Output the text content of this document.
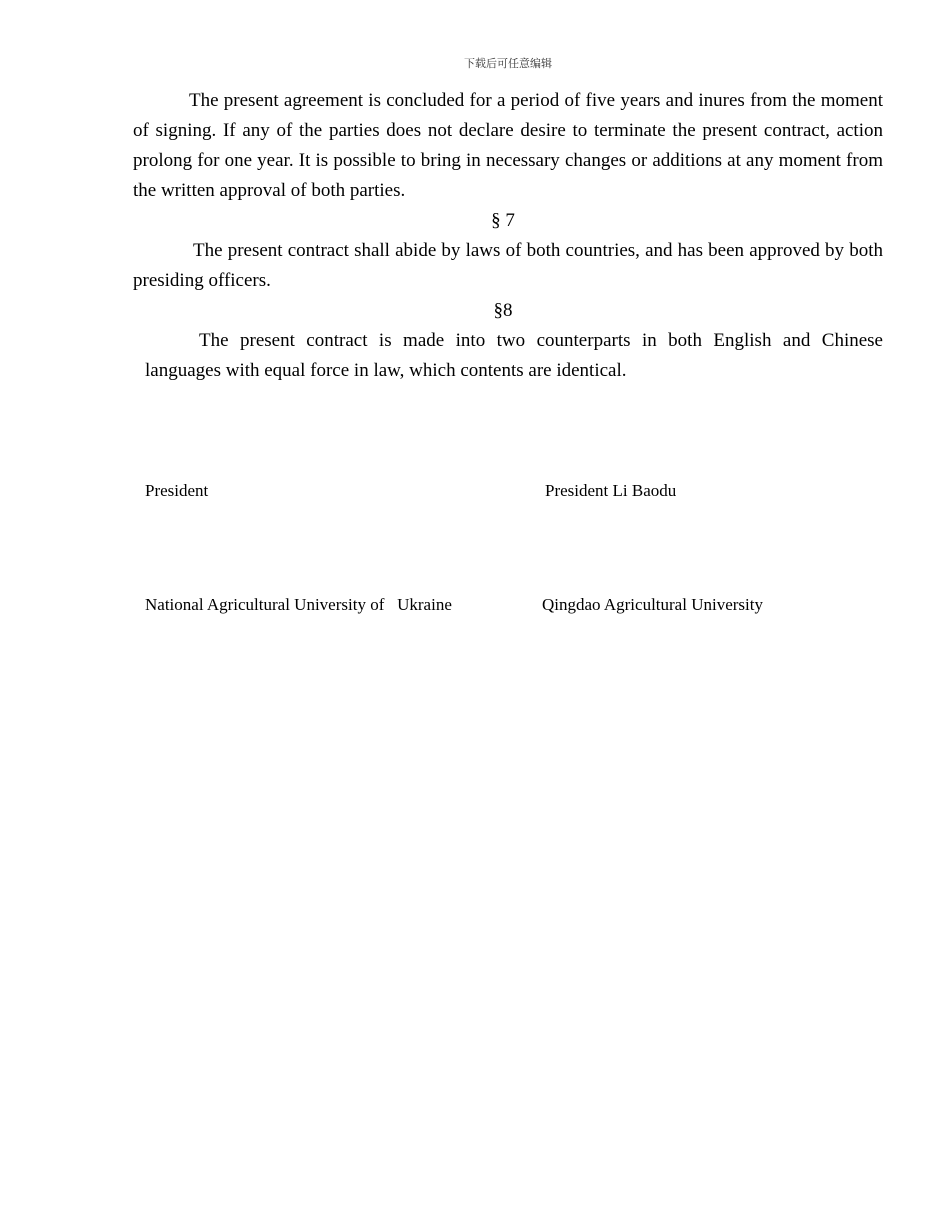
下载后可任意编辑

The present agreement is concluded for a period of five years and inures from the moment of signing. If any of the parties does not declare desire to terminate the present contract, action prolong for one year. It is possible to bring in necessary changes or additions at any moment from the written approval of both parties.

§ 7

The present contract shall abide by laws of both countries, and has been approved by both presiding officers.

§8

The present contract is made into two counterparts in both English and Chinese languages with equal force in law, which contents are identical.

President	President Li Baodu
National Agricultural University of   Ukraine	Qingdao Agricultural University
